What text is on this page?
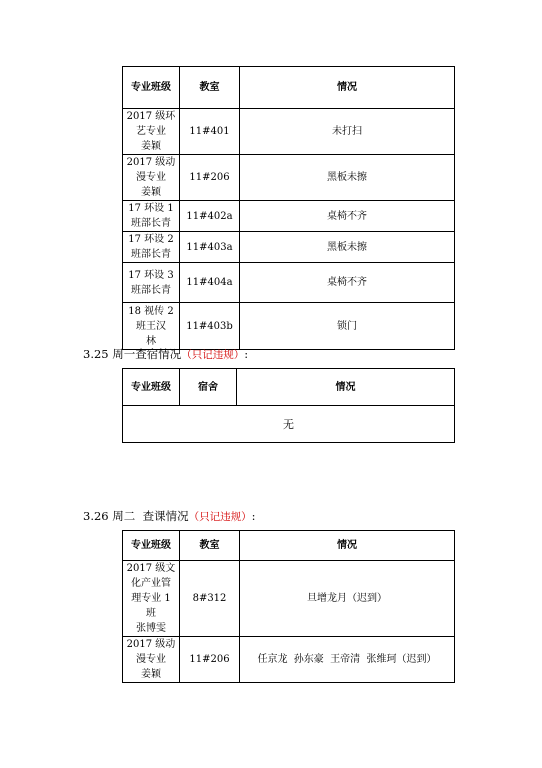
专业班级	教室	情况

2017 级环
艺专业
姜颖	11#401	未打扫

2017 级动
漫专业
姜颖	11#206	黑板未擦

17 环设 1
班部长青	11#402a	桌椅不齐

17 环设 2
班部长青	11#403a	黑板未擦

17 环设 3
班部长青	11#404a	桌椅不齐

18 视传 2
班王汉
林	11#403b	锁门
3.25 周一查宿情况（只记违规）:
专业班级	宿舍	情况
无
3.26 周二  查课情况（只记违规）:
专业班级	教室	情况

2017 级文
化产业管
理专业 1
班
张博雯	8#312	旦增龙月（迟到）

2017 级动
漫专业
姜颖	11#206	任京龙  孙东豪  王帝清  张维珂（迟到）
